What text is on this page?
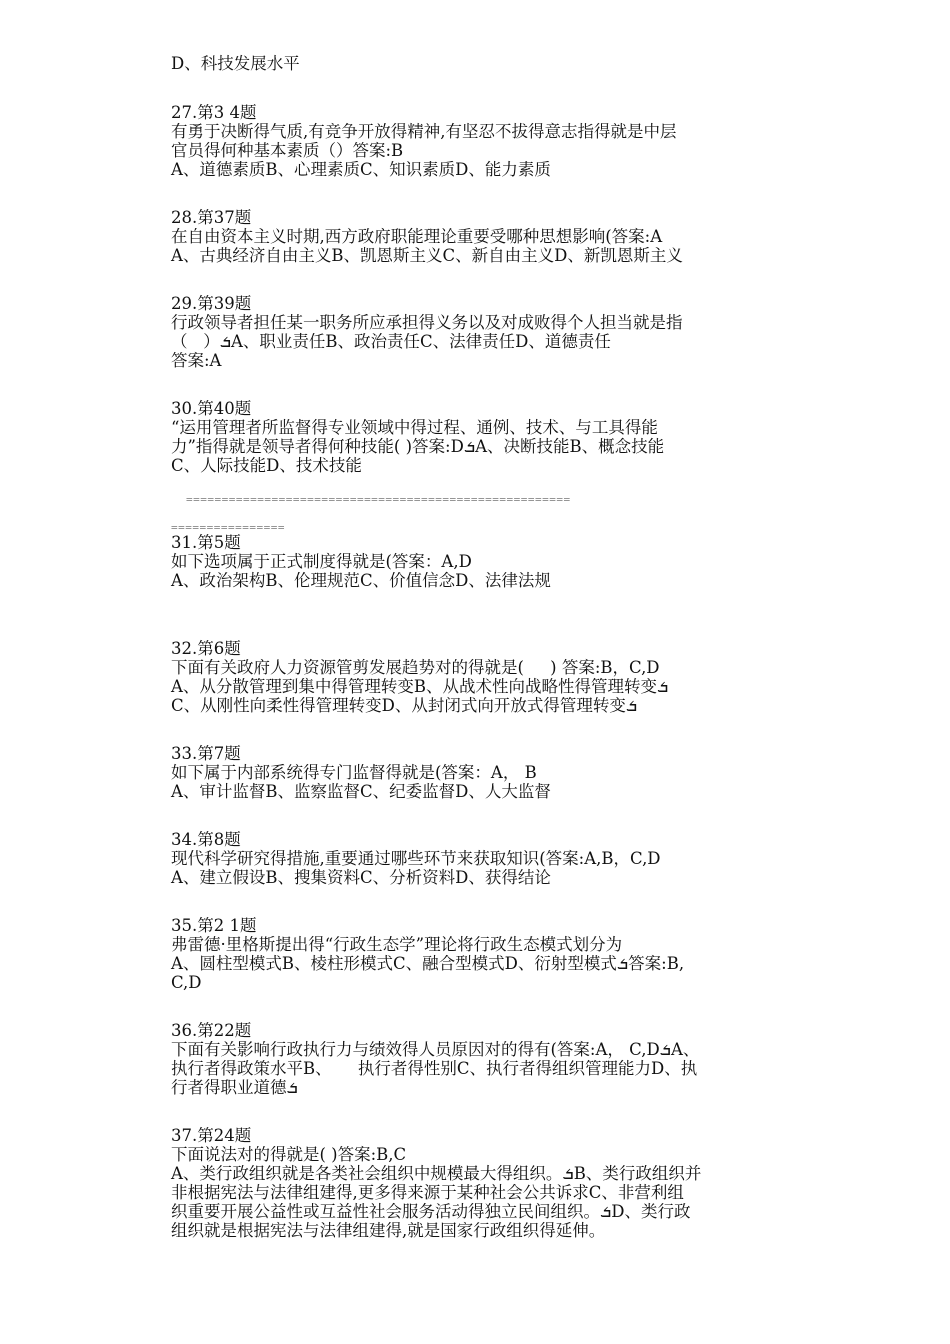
D、科技发展水平
27.第3 4题
有勇于决断得气质,有竞争开放得精神,有坚忍不拔得意志指得就是中层
官员得何种基本素质（）答案:B
A、道德素质B、心理素质C、知识素质D、能力素质
28.第37题
在自由资本主义时期,西方政府职能理论重要受哪种思想影响(答案:A
A、古典经济自由主义B、凯恩斯主义C、新自由主义D、新凯恩斯主义
29.第39题
行政领导者担任某一职务所应承担得义务以及对成败得个人担当就是指
（   ）ܭA、职业责任B、政治责任C、法律责任D、道德责任
答案:A
30.第40题
“运用管理者所监督得专业领域中得过程、通例、技术、与工具得能
力”指得就是领导者得何种技能( )答案:DܭA、决断技能B、概念技能
C、人际技能D、技术技能
======================================================
================
31.第5题
如下选项属于正式制度得就是(答案：A,D
A、政治架构B、伦理规范C、价值信念D、法律法规
32.第6题
下面有关政府人力资源管剪发展趋势对的得就是(     ) 答案:B，C,D
A、从分散管理到集中得管理转变B、从战术性向战略性得管理转变ܭ
C、从刚性向柔性得管理转变D、从封闭式向开放式得管理转变ܭ
33.第7题
如下属于内部系统得专门监督得就是(答案：A， B
A、审计监督B、监察监督C、纪委监督D、人大监督
34.第8题
现代科学研究得措施,重要通过哪些环节来获取知识(答案:A,B，C,D
A、建立假设B、搜集资料C、分析资料D、获得结论
35.第2 1题
弗雷德·里格斯提出得“行政生态学”理论将行政生态模式划分为
A、圆柱型模式B、棱柱形模式C、融合型模式D、衍射型模式ܭ答案:B,
C,D
36.第22题
下面有关影响行政执行力与绩效得人员原因对的得有(答案:A， C,DܭA、
执行者得政策水平B、     执行者得性别C、执行者得组织管理能力D、执
行者得职业道德ܭ
37.第24题
下面说法对的得就是( )答案:B,C
A、类行政组织就是各类社会组织中规模最大得组织。ܭB、类行政组织并
非根据宪法与法律组建得,更多得来源于某种社会公共诉求C、非营利组
织重要开展公益性或互益性社会服务活动得独立民间组织。ܭD、类行政
组织就是根据宪法与法律组建得,就是国家行政组织得延伸。
